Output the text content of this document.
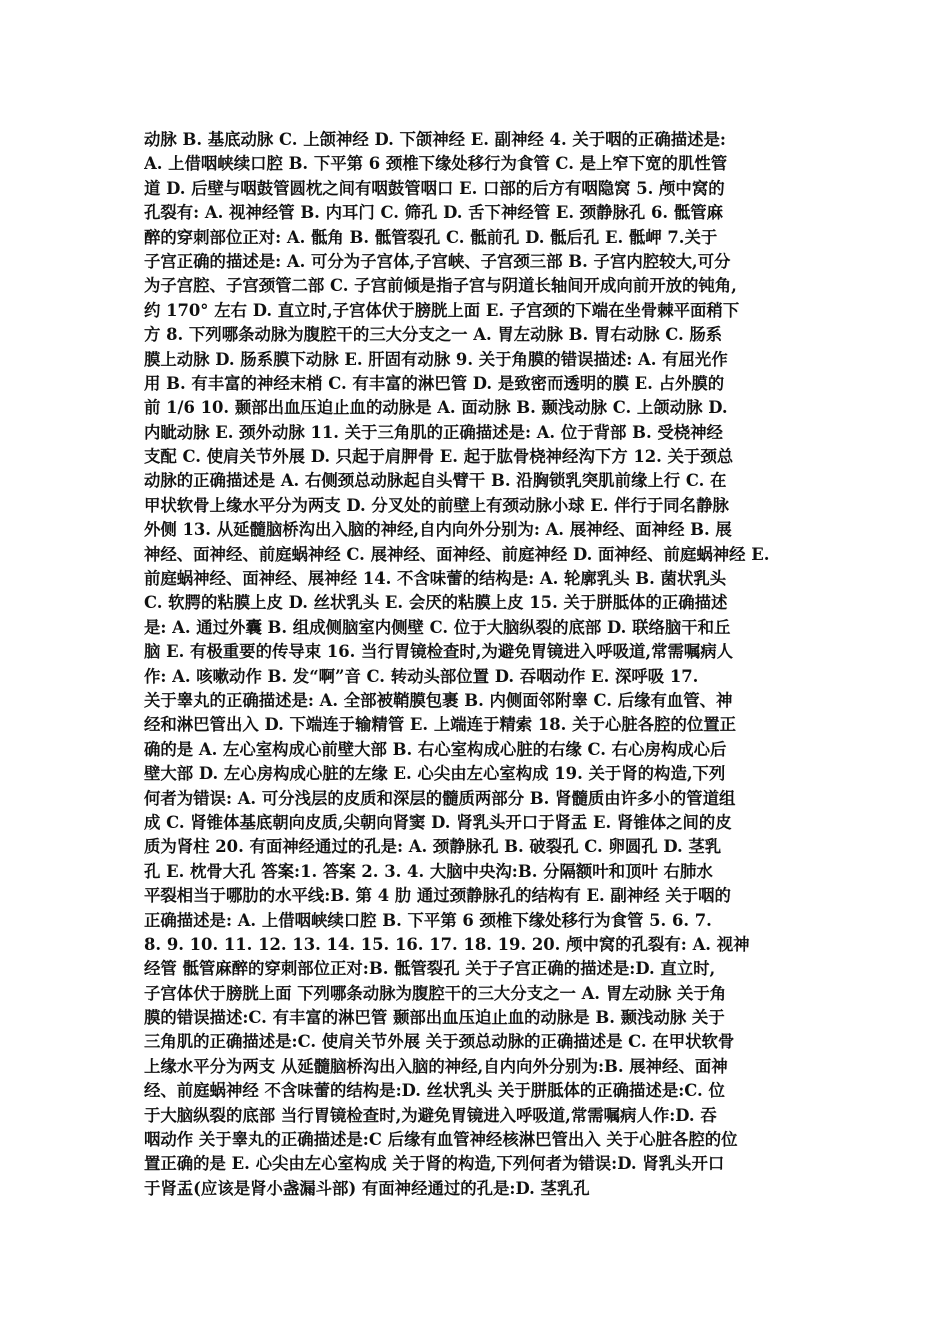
动脉 B. 基底动脉 C. 上颌神经 D. 下颌神经 E. 副神经 4. 关于咽的正确描述是:
A. 上借咽峡续口腔 B. 下平第 6 颈椎下缘处移行为食管 C. 是上窄下宽的肌性管
道 D. 后壁与咽鼓管圆枕之间有咽鼓管咽口 E. 口部的后方有咽隐窝 5. 颅中窝的
孔裂有: A. 视神经管 B. 内耳门 C. 筛孔 D. 舌下神经管 E. 颈静脉孔 6. 骶管麻
醉的穿刺部位正对: A. 骶角 B. 骶管裂孔 C. 骶前孔 D. 骶后孔 E. 骶岬 7.关于
子宫正确的描述是: A. 可分为子宫体,子宫峡、子宫颈三部 B. 子宫内腔较大,可分
为子宫腔、子宫颈管二部 C. 子宫前倾是指子宫与阴道长轴间开成向前开放的钝角,
约 170° 左右 D. 直立时,子宫体伏于膀胱上面 E. 子宫颈的下端在坐骨棘平面稍下
方 8. 下列哪条动脉为腹腔干的三大分支之一 A. 胃左动脉 B. 胃右动脉 C. 肠系
膜上动脉 D. 肠系膜下动脉 E. 肝固有动脉 9. 关于角膜的错误描述: A. 有屈光作
用 B. 有丰富的神经末梢 C. 有丰富的淋巴管 D. 是致密而透明的膜 E. 占外膜的
前 1/6 10. 颞部出血压迫止血的动脉是 A. 面动脉 B. 颞浅动脉 C. 上颌动脉 D.
内眦动脉 E. 颈外动脉 11. 关于三角肌的正确描述是: A. 位于背部 B. 受桡神经
支配 C. 使肩关节外展 D. 只起于肩胛骨 E. 起于肱骨桡神经沟下方 12. 关于颈总
动脉的正确描述是 A. 右侧颈总动脉起自头臂干 B. 沿胸锁乳突肌前缘上行 C. 在
甲状软骨上缘水平分为两支 D. 分叉处的前壁上有颈动脉小球 E. 伴行于同名静脉
外侧 13. 从延髓脑桥沟出入脑的神经,自内向外分别为: A. 展神经、面神经 B. 展
神经、面神经、前庭蜗神经 C. 展神经、面神经、前庭神经 D. 面神经、前庭蜗神经 E.
前庭蜗神经、面神经、展神经 14. 不含味蕾的结构是: A. 轮廓乳头 B. 菌状乳头
C. 软腭的粘膜上皮 D. 丝状乳头 E. 会厌的粘膜上皮 15. 关于胼胝体的正确描述
是: A. 通过外囊 B. 组成侧脑室内侧壁 C. 位于大脑纵裂的底部 D. 联络脑干和丘
脑 E. 有极重要的传导束 16. 当行胃镜检查时,为避免胃镜进入呼吸道,常需嘱病人
作: A. 咳嗽动作 B. 发“啊”音 C. 转动头部位置 D. 吞咽动作 E. 深呼吸 17.
关于睾丸的正确描述是: A. 全部被鞘膜包裹 B. 内侧面邻附睾 C. 后缘有血管、神
经和淋巴管出入 D. 下端连于输精管 E. 上端连于精索 18. 关于心脏各腔的位置正
确的是 A. 左心室构成心前壁大部 B. 右心室构成心脏的右缘 C. 右心房构成心后
壁大部 D. 左心房构成心脏的左缘 E. 心尖由左心室构成 19. 关于肾的构造,下列
何者为错误: A. 可分浅层的皮质和深层的髓质两部分 B. 肾髓质由许多小的管道组
成 C. 肾锥体基底朝向皮质,尖朝向肾窦 D. 肾乳头开口于肾盂 E. 肾锥体之间的皮
质为肾柱 20. 有面神经通过的孔是: A. 颈静脉孔 B. 破裂孔 C. 卵圆孔 D. 茎乳
孔 E. 枕骨大孔 答案:1. 答案 2. 3. 4. 大脑中央沟:B. 分隔额叶和顶叶 右肺水
平裂相当于哪肋的水平线:B. 第 4 肋 通过颈静脉孔的结构有 E. 副神经 关于咽的
正确描述是: A. 上借咽峡续口腔 B. 下平第 6 颈椎下缘处移行为食管 5. 6. 7.
8. 9. 10. 11. 12. 13. 14. 15. 16. 17. 18. 19. 20. 颅中窝的孔裂有: A. 视神
经管 骶管麻醉的穿刺部位正对:B. 骶管裂孔 关于子宫正确的描述是:D. 直立时,
子宫体伏于膀胱上面 下列哪条动脉为腹腔干的三大分支之一 A. 胃左动脉 关于角
膜的错误描述:C. 有丰富的淋巴管 颞部出血压迫止血的动脉是 B. 颞浅动脉 关于
三角肌的正确描述是:C. 使肩关节外展 关于颈总动脉的正确描述是 C. 在甲状软骨
上缘水平分为两支 从延髓脑桥沟出入脑的神经,自内向外分别为:B. 展神经、面神
经、前庭蜗神经 不含味蕾的结构是:D. 丝状乳头 关于胼胝体的正确描述是:C. 位
于大脑纵裂的底部 当行胃镜检查时,为避免胃镜进入呼吸道,常需嘱病人作:D. 吞
咽动作 关于睾丸的正确描述是:C 后缘有血管神经核淋巴管出入 关于心脏各腔的位
置正确的是 E. 心尖由左心室构成 关于肾的构造,下列何者为错误:D. 肾乳头开口
于肾盂(应该是肾小盏漏斗部) 有面神经通过的孔是:D. 茎乳孔
